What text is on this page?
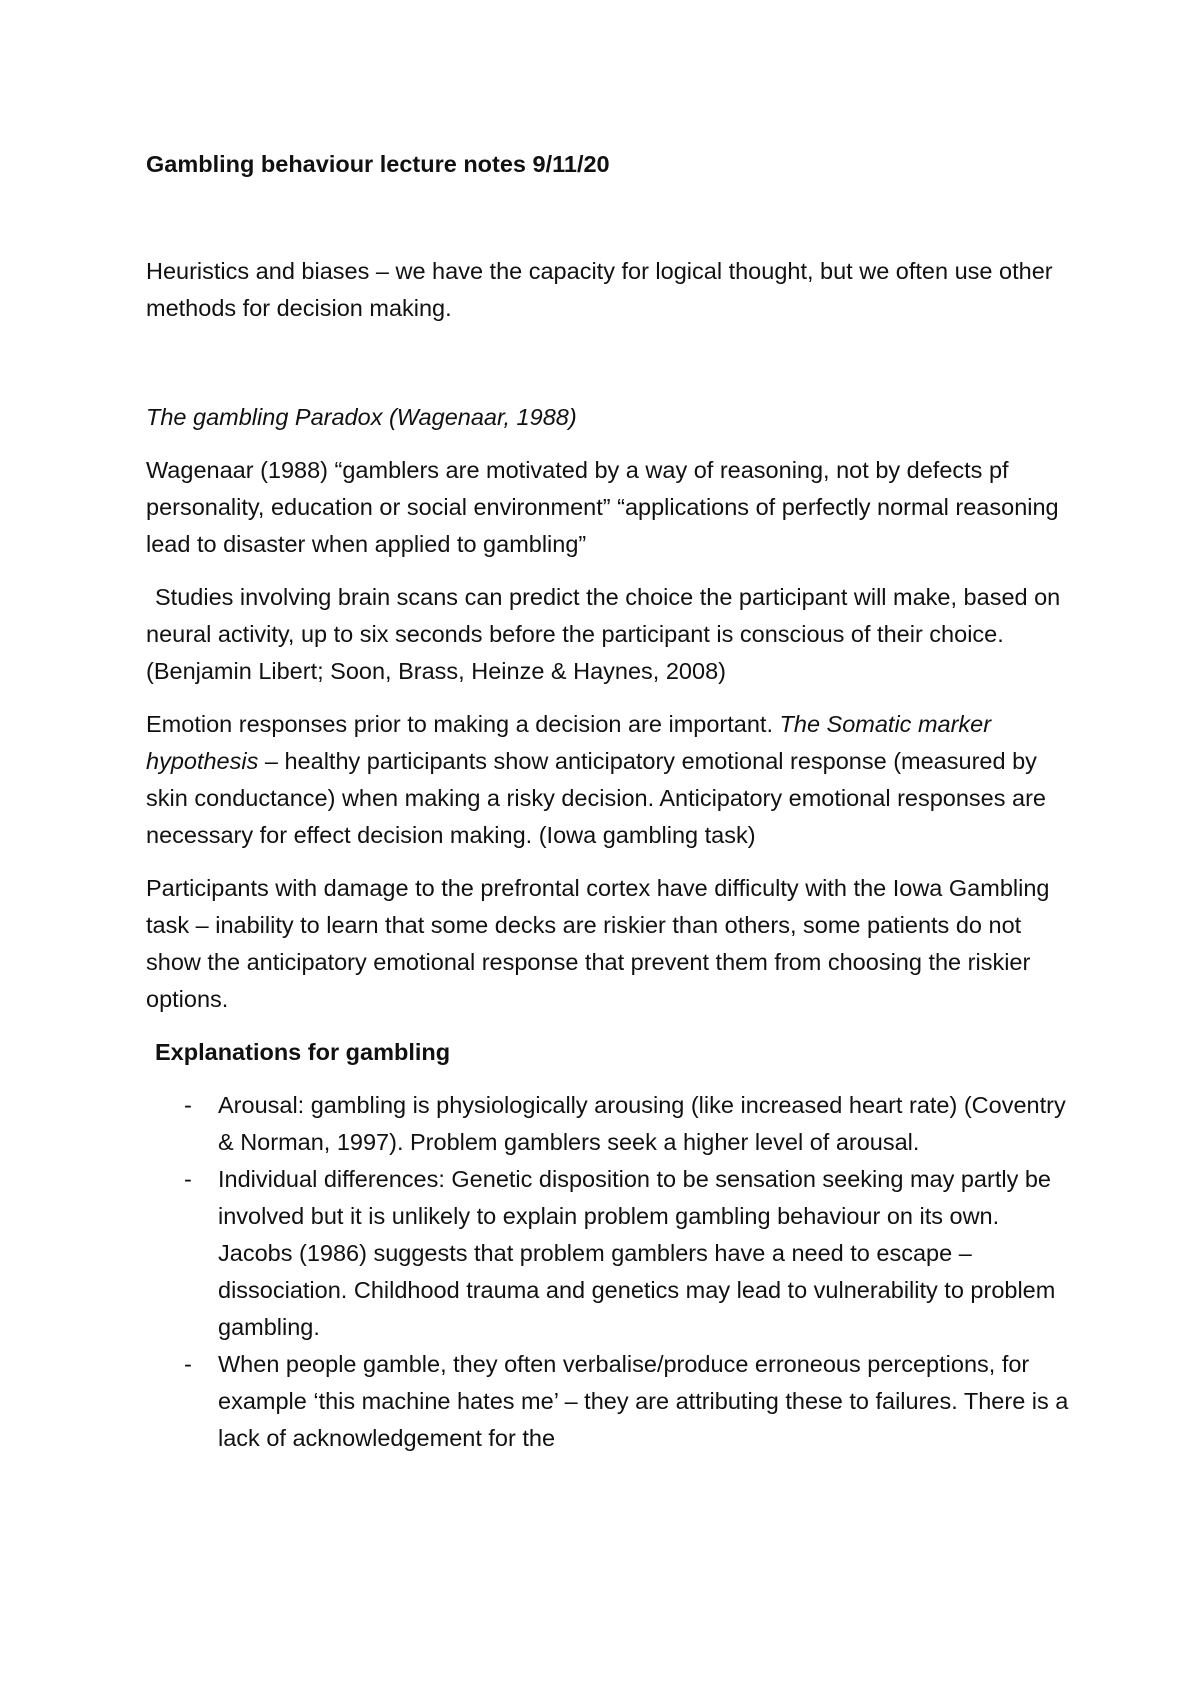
Gambling behaviour lecture notes 9/11/20

Heuristics and biases – we have the capacity for logical thought, but we often use other methods for decision making.

The gambling Paradox (Wagenaar, 1988)

Wagenaar (1988) “gamblers are motivated by a way of reasoning, not by defects pf personality, education or social environment” “applications of perfectly normal reasoning lead to disaster when applied to gambling”

Studies involving brain scans can predict the choice the participant will make, based on neural activity, up to six seconds before the participant is conscious of their choice. (Benjamin Libert; Soon, Brass, Heinze & Haynes, 2008)

Emotion responses prior to making a decision are important. The Somatic marker hypothesis – healthy participants show anticipatory emotional response (measured by skin conductance) when making a risky decision. Anticipatory emotional responses are necessary for effect decision making. (Iowa gambling task)

Participants with damage to the prefrontal cortex have difficulty with the Iowa Gambling task – inability to learn that some decks are riskier than others, some patients do not show the anticipatory emotional response that prevent them from choosing the riskier options.

Explanations for gambling

- Arousal: gambling is physiologically arousing (like increased heart rate) (Coventry & Norman, 1997). Problem gamblers seek a higher level of arousal.
- Individual differences: Genetic disposition to be sensation seeking may partly be involved but it is unlikely to explain problem gambling behaviour on its own. Jacobs (1986) suggests that problem gamblers have a need to escape – dissociation. Childhood trauma and genetics may lead to vulnerability to problem gambling.
- When people gamble, they often verbalise/produce erroneous perceptions, for example ‘this machine hates me’ – they are attributing these to failures. There is a lack of acknowledgement for the
